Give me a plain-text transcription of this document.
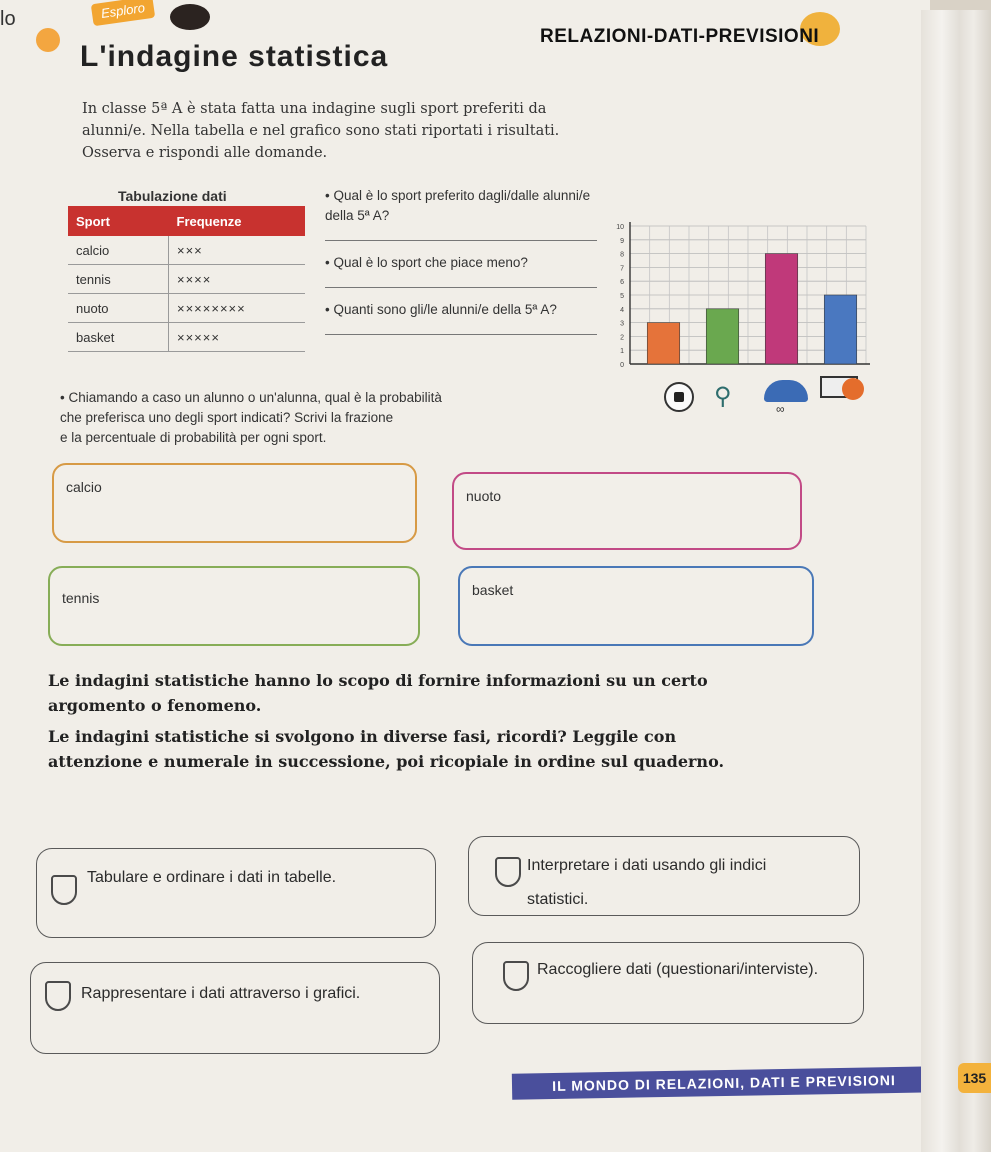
lo	Esploro
RELAZIONI-DATI-PREVISIONI
L'indagine statistica

In classe 5ª A è stata fatta una indagine sugli sport preferiti da

alunni/e. Nella tabella e nel grafico sono stati riportati i risultati.

Osserva e rispondi alle domande.

Tabulazione dati
Sport	Frequenze
calcio	×××
tennis	××××
nuoto	××××××××
basket	×××××
• Qual è lo sport preferito dagli/dalle alunni/e della 5ª A?
• Qual è lo sport che piace meno?
• Quanti sono gli/le alunni/e della 5ª A?
0
1
2
3
4
5
6
7
8
9
10
⚲	∞

• Chiamando a caso un alunno o un'alunna, qual è la probabilità

che preferisca uno degli sport indicati? Scrivi la frazione

e la percentuale di probabilità per ogni sport.

calcio
nuoto
tennis	basket

Le indagini statistiche hanno lo scopo di fornire informazioni su un certo argomento o fenomeno.

Le indagini statistiche si svolgono in diverse fasi, ricordi? Leggile con attenzione e numerale in successione, poi ricopiale in ordine sul quaderno.

Tabulare e ordinare i dati in tabelle.
Interpretare i dati usando gli indici statistici.
Rappresentare i dati attraverso i grafici.
Raccogliere dati (questionari/interviste).
IL MONDO DI RELAZIONI, DATI E PREVISIONI	135
